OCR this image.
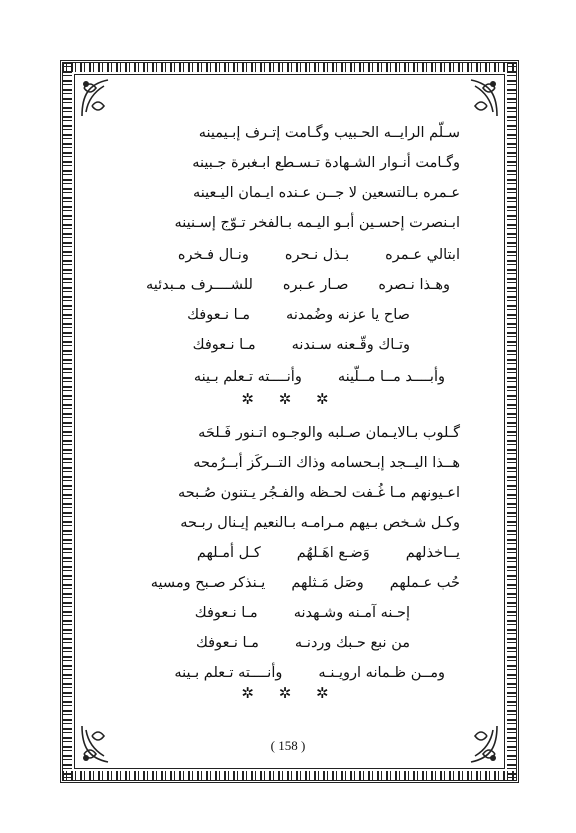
سـلّم الرايــه الحـبيب وگـامت إتـرف إبـيمينه
وگـامت أنـوار الشـهادة تـسـطع ابـغبرة جـبينه
عـمره بـالتسعين لا جــن عـنده ايـمان اليـعينه
ابـنصرت إحسـين أبـو اليـمه بـالفخر تـوّج إسـنينه
ابتالي عـمره
بـذل نـحره
ونـال فـخره
وهـذا نـصره
صـار عـبره
للشــــرف مـبدئيه
صاح يا عزنه وضُمدنه
مـا نـعوفك
وتـاك وقّـعنه سـندنه
مـا نـعوفك
وأبــــد مــا مــلّينه
وأنــــته تـعلم بـينه
✲ ✲ ✲
گـلوب بـالايـمان صـلبه والوجـوه اتـنور فَـلحَه
هــذا اليــجد إبـحسامه وذاك التــركَز أبــرُمحه
اعـيونهم مـا غُـفت لحـظه والفـجُر يـتنون صُـبحه
وكـل شـخص بـيهم مـرامـه بـالنعيم إيـنال ربـحه
يــاخذلهم
وَضـع اهَـلهُم
كـل أمـلهم
حُب عـملهم
وصَل مَـثلهم
يـنذكر صـبح ومسيه
إحـنه آمـنه وشـهدنه
مـا نـعوفك
من نبع حـبك وردنـه
مـا نـعوفك
ومــن ظـمانه ارويـنـه
وأنــــته تـعلم بـينه
✲ ✲ ✲
( 158 )
